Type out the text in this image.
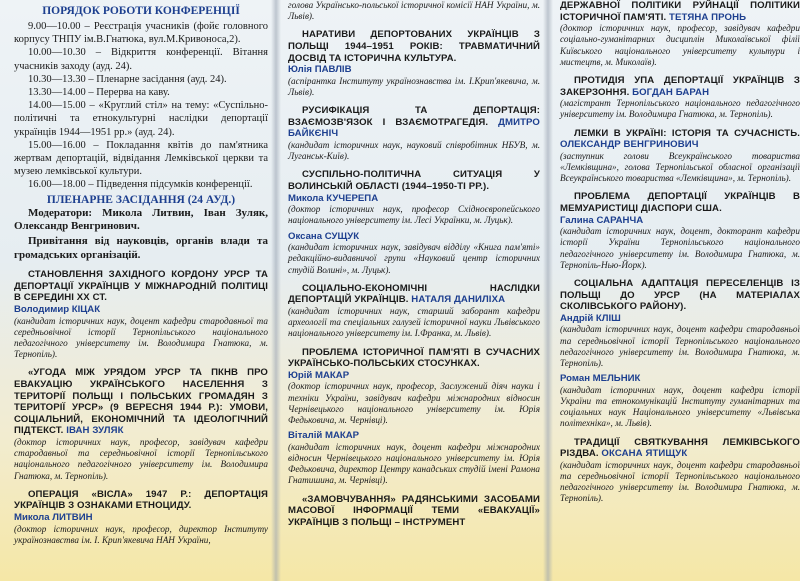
ПОРЯДОК РОБОТИ КОНФЕРЕНЦІЇ

9.00—10.00 – Реєстрація учасників (фойє головного корпусу ТНПУ ім.В.Гнатюка, вул.М.Кривоноса,2).

10.00—10.30 – Відкриття конференції. Вітання учасників заходу (ауд. 24).

10.30—13.30 – Пленарне засідання (ауд. 24).

13.30—14.00 – Перерва на каву.

14.00—15.00 – «Круглий стіл» на тему: «Суспільно-політичні та етнокультурні наслідки депортації українців 1944—1951 рр.» (ауд. 24).

15.00—16.00 – Покладання квітів до пам'ятника жертвам депортацій, відвідання Лемківської церкви та музею лемківської культури.

16.00—18.00 – Підведення підсумків конференції.

ПЛЕНАРНЕ ЗАСІДАННЯ (24 АУД.)
Модератори: Микола Литвин, Іван Зуляк, Олександр Венгринович.
Привітання від науковців, органів влади та громадських організацій.
СТАНОВЛЕННЯ ЗАХІДНОГО КОРДОНУ УРСР ТА ДЕПОРТАЦІЇ УКРАЇНЦІВ У МІЖНАРОДНІЙ ПОЛІТИЦІ В СЕРЕДИНІ ХХ СТ.
Володимир КІЦАК
(кандидат історичних наук, доцент кафедри стародавньої та середньовічної історії Тернопільського національного педагогічного університету ім. Володимира Гнатюка, м. Тернопіль).
«УГОДА МІЖ УРЯДОМ УРСР ТА ПКНВ ПРО ЕВАКУАЦІЮ УКРАЇНСЬКОГО НАСЕЛЕННЯ З ТЕРИТОРІЇ ПОЛЬЩІ І ПОЛЬСЬКИХ ГРОМАДЯН З ТЕРИТОРІЇ УРСР» (9 ВЕРЕСНЯ 1944 Р.): УМОВИ, СОЦІАЛЬНИЙ, ЕКОНОМІЧНИЙ ТА ІДЕОЛОГІЧНИЙ ПІДТЕКСТ. ІВАН ЗУЛЯК
(доктор історичних наук, професор, завідувач кафедри стародавньої та середньовічної історії Тернопільського національного педагогічного університету ім. Володимира Гнатюка, м. Тернопіль).
ОПЕРАЦІЯ «ВІСЛА» 1947 Р.: ДЕПОРТАЦІЯ УКРАЇНЦІВ З ОЗНАКАМИ ЕТНОЦИДУ.
Микола ЛИТВИН
(доктор історичних наук, професор, директор Інституту українознавства ім. І. Крип'якевича НАН України,
голова Українсько-польської історичної комісії НАН України, м. Львів).
НАРАТИВИ ДЕПОРТОВАНИХ УКРАЇНЦІВ З ПОЛЬЩІ 1944–1951 РОКІВ: ТРАВМАТИЧНИЙ ДОСВІД ТА ІСТОРИЧНА КУЛЬТУРА.
Юлія ПАВЛІВ
(аспірантка Інституту українознавства ім. І.Крип'якевича, м. Львів).
РУСИФІКАЦІЯ ТА ДЕПОРТАЦІЯ: ВЗАЄМОЗВ'ЯЗОК І ВЗАЄМОТРАГЕДІЯ. ДМИТРО БАЙКЄНІЧ
(кандидат історичних наук, науковий співробітник НБУВ, м. Луганськ-Київ).
СУСПІЛЬНО-ПОЛІТИЧНА СИТУАЦІЯ У ВОЛИНСЬКІЙ ОБЛАСТІ (1944–1950-ТІ РР.).
Микола КУЧЕРЕПА
(доктор історичних наук, професор Східноєвропейського національного університету ім. Лесі Українки, м. Луцьк).
Оксана СУЩУК
(кандидат історичних наук, завідувач відділу «Книга пам'яті» редакційно-видавничої групи «Науковий центр історичних студій Волині», м. Луцьк).
СОЦІАЛЬНО-ЕКОНОМІЧНІ НАСЛІДКИ ДЕПОРТАЦІЙ УКРАЇНЦІВ. НАТАЛЯ ДАНИЛІХА
(кандидат історичних наук, старший заборант кафедри археології та спеціальних галузей історичної науки Львівського національного університету ім. І.Франка, м. Львів).
ПРОБЛЕМА ІСТОРИЧНОЇ ПАМ'ЯТІ В СУЧАСНИХ УКРАЇНСЬКО-ПОЛЬСЬКИХ СТОСУНКАХ.
Юрій МАКАР
(доктор історичних наук, професор, Заслужений діяч науки і техніки України, завідувач кафедри міжнародних відносин Чернівецького національного університету ім. Юрія Федьковича, м. Чернівці).
Віталій МАКАР
(кандидат історичних наук, доцент кафедри міжнародних відносин Чернівецького національного університету ім. Юрія Федьковича, директор Центру канадських студій імені Рамона Гнатишина, м. Чернівці).
«ЗАМОВЧУВАННЯ» РАДЯНСЬКИМИ ЗАСОБАМИ МАСОВОЇ ІНФОРМАЦІЇ ТЕМИ «ЕВАКУАЦІЇ» УКРАЇНЦІВ З ПОЛЬЩІ – ІНСТРУМЕНТ
ДЕРЖАВНОЇ ПОЛІТИКИ РУЙНАЦІЇ ПОЛІТИКИ ІСТОРИЧНОЇ ПАМ'ЯТІ. ТЕТЯНА ПРОНЬ
(доктор історичних наук, професор, завідувач кафедри соціально-гуманітарних дисциплін Миколаївської філії Київського національного університету культури і мистецтв, м. Миколаїв).
ПРОТИДІЯ УПА ДЕПОРТАЦІЇ УКРАЇНЦІВ З ЗАКЕРЗОННЯ. БОГДАН БАРАН
(магістрант Тернопільського національного педагогічного університету ім. Володимира Гнатюка, м. Тернопіль).
ЛЕМКИ В УКРАЇНІ: ІСТОРІЯ ТА СУЧАСНІСТЬ. ОЛЕКСАНДР ВЕНГРИНОВИЧ
(заступник голови Всеукраїнського товариства «Лемківщина», голова Тернопільської обласної організації Всеукраїнського товариства «Лемківщина», м. Тернопіль).
ПРОБЛЕМА ДЕПОРТАЦІЇ УКРАЇНЦІВ В МЕМУАРИСТИЦІ ДІАСПОРИ США.
Галина САРАНЧА
(кандидат історичних наук, доцент, докторант кафедри історії України Тернопільського національного педагогічного університету ім. Володимира Гнатюка, м. Тернопіль-Нью-Йорк).
СОЦІАЛЬНА АДАПТАЦІЯ ПЕРЕСЕЛЕНЦІВ ІЗ ПОЛЬЩІ ДО УРСР (НА МАТЕРІАЛАХ СКОЛІВСЬКОГО РАЙОНУ).
Андрій КЛІШ
(кандидат історичних наук, доцент кафедри стародавньої та середньовічної історії Тернопільського національного педагогічного університету ім. Володимира Гнатюка, м. Тернопіль).
Роман МЕЛЬНИК
(кандидат історичних наук, доцент кафедри історії України та етнокомунікацій Інституту гуманітарних та соціальних наук Національного університету «Львівська політехніка», м. Львів).
ТРАДИЦІЇ СВЯТКУВАННЯ ЛЕМКІВСЬКОГО РІЗДВА. ОКСАНА ЯТИЩУК
(кандидат історичних наук, доцент кафедри стародавньої та середньовічної історії Тернопільського національного педагогічного університету ім. Володимира Гнатюка, м. Тернопіль).
